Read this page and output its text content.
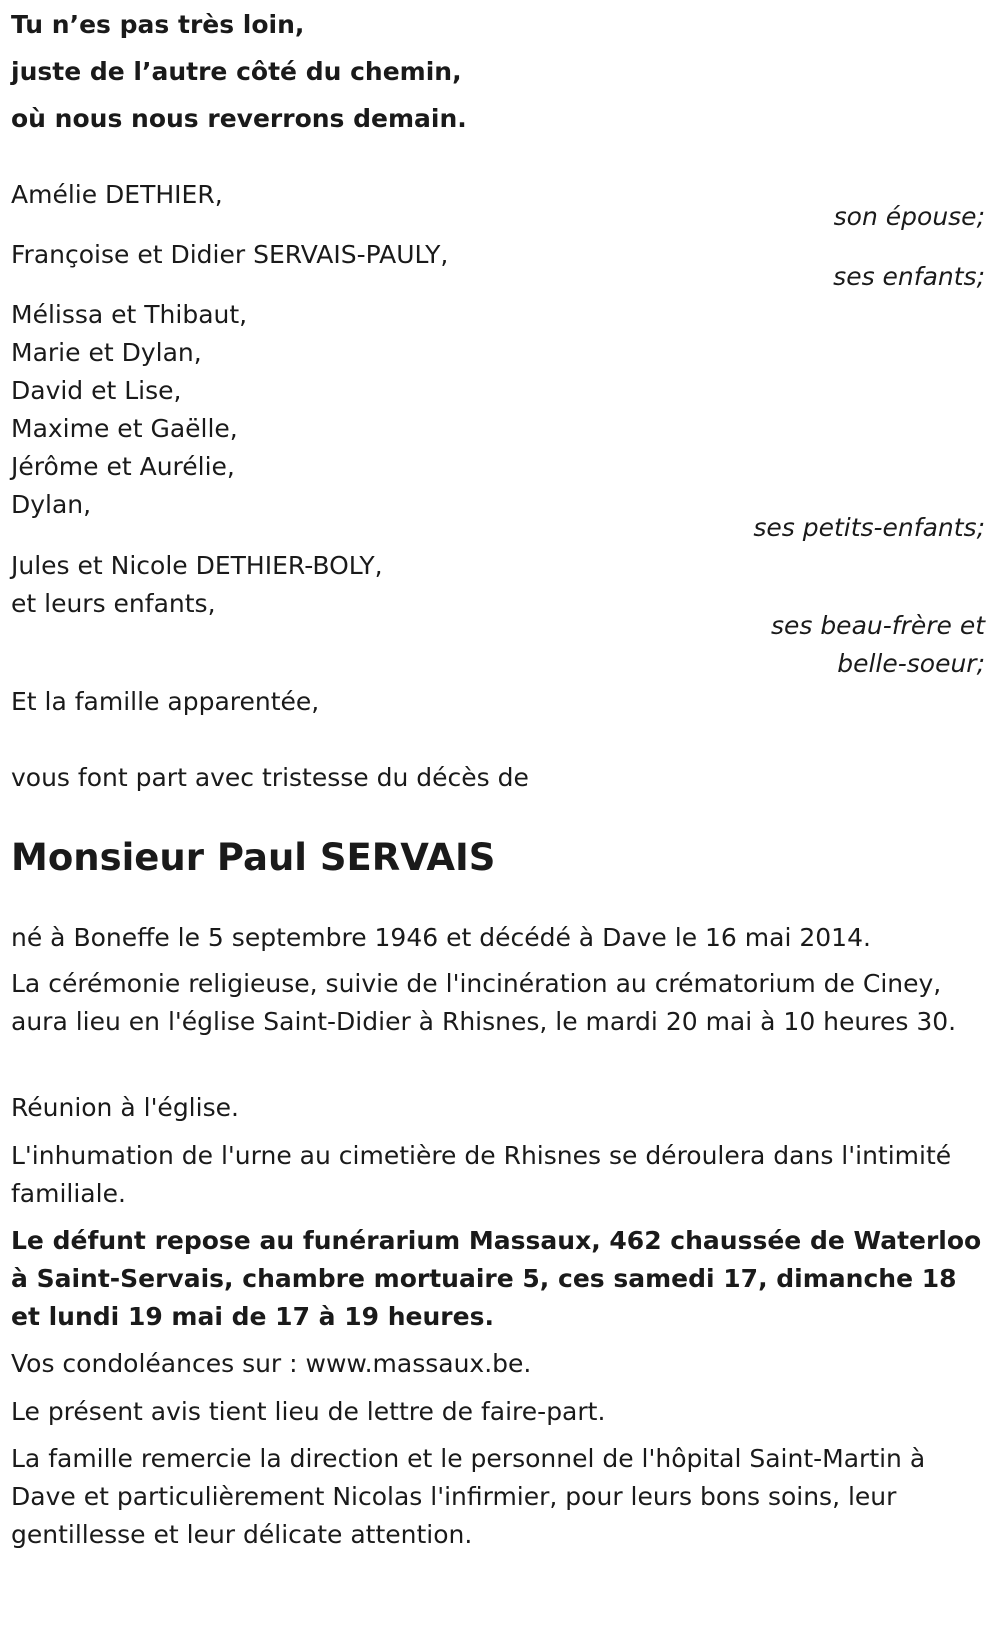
Tu n’es pas très loin,
juste de l’autre côté du chemin,
où nous nous reverrons demain.
Amélie DETHIER,
son épouse;
Françoise et Didier SERVAIS-PAULY,
ses enfants;
Mélissa et Thibaut,
Marie et Dylan,
David et Lise,
Maxime et Gaëlle,
Jérôme et Aurélie,
Dylan,
ses petits-enfants;
Jules et Nicole DETHIER-BOLY,
et leurs enfants,
ses beau-frère et
belle-soeur;
Et la famille apparentée,
vous font part avec tristesse du décès de
Monsieur Paul SERVAIS
né à Boneffe le 5 septembre 1946 et décédé à Dave le 16 mai 2014.
La cérémonie religieuse, suivie de l'incinération au crématorium de Ciney, aura lieu en l'église Saint-Didier à Rhisnes, le mardi 20 mai à 10 heures 30.
Réunion à l'église.
L'inhumation de l'urne au cimetière de Rhisnes se déroulera dans l'intimité familiale.
Le défunt repose au funérarium Massaux, 462 chaussée de Waterloo à Saint-Servais, chambre mortuaire 5, ces samedi 17, dimanche 18 et lundi 19 mai de 17 à 19 heures.
Vos condoléances sur : www.massaux.be.
Le présent avis tient lieu de lettre de faire-part.
La famille remercie la direction et le personnel de l'hôpital Saint-Martin à Dave et particulièrement Nicolas l'infirmier, pour leurs bons soins, leur gentillesse et leur délicate attention.
